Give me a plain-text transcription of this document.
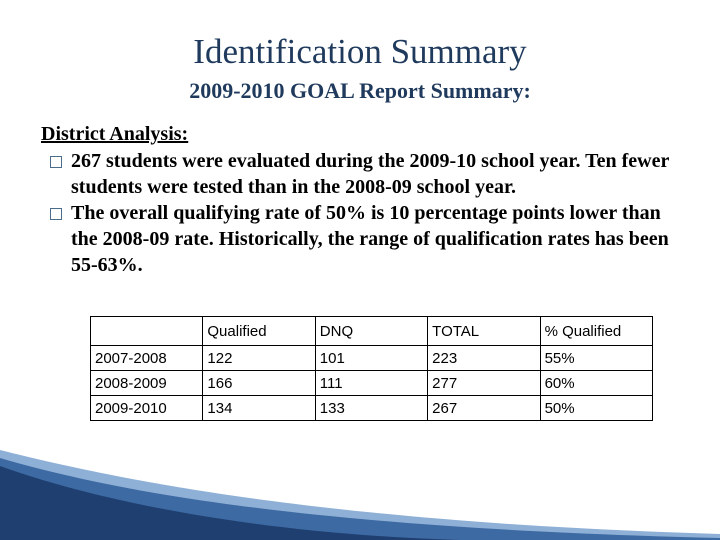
Identification Summary
2009-2010 GOAL Report Summary:
District Analysis:
267 students were evaluated during the 2009-10 school year. Ten fewer students were tested than in the 2008-09 school year.
The overall qualifying rate of 50% is 10 percentage points lower than the 2008-09 rate. Historically, the range of qualification rates has been 55-63%.
	Qualified	DNQ	TOTAL	% Qualified
2007-2008	122	101	223	55%
2008-2009	166	111	277	60%
2009-2010	134	133	267	50%
